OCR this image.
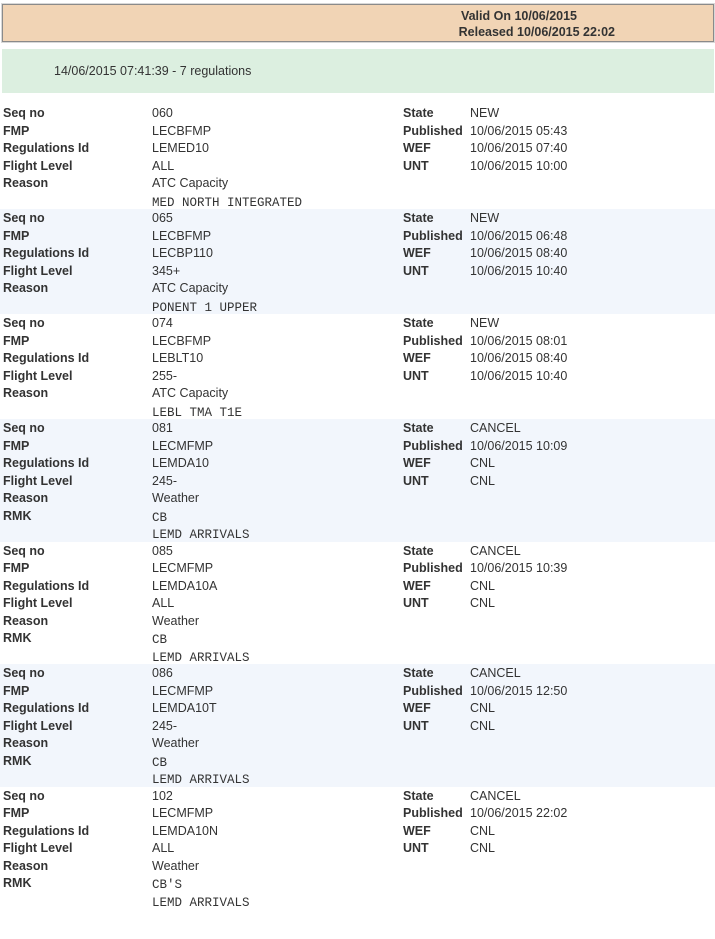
Valid On 10/06/2015
Released 10/06/2015 22:02
14/06/2015 07:41:39 - 7 regulations
Seq no	060	State	NEW
FMP	LECBFMP	Published 10/06/2015 05:43
Regulations Id	LEMED10	WEF	10/06/2015 07:40
Flight Level	ALL	UNT	10/06/2015 10:00
Reason	ATC Capacity
MED NORTH INTEGRATED
Seq no	065	State	NEW
FMP	LECBFMP	Published 10/06/2015 06:48
Regulations Id	LECBP110	WEF	10/06/2015 08:40
Flight Level	345+	UNT	10/06/2015 10:40
Reason	ATC Capacity
PONENT 1 UPPER
Seq no	074	State	NEW
FMP	LECBFMP	Published 10/06/2015 08:01
Regulations Id	LEBLT10	WEF	10/06/2015 08:40
Flight Level	255-	UNT	10/06/2015 10:40
Reason	ATC Capacity
LEBL TMA T1E
Seq no	081	State	CANCEL
FMP	LECMFMP	Published 10/06/2015 10:09
Regulations Id	LEMDA10	WEF	CNL
Flight Level	245-	UNT	CNL
Reason	Weather
RMK	CB
LEMD ARRIVALS
Seq no	085	State	CANCEL
FMP	LECMFMP	Published 10/06/2015 10:39
Regulations Id	LEMDA10A	WEF	CNL
Flight Level	ALL	UNT	CNL
Reason	Weather
RMK	CB
LEMD ARRIVALS
Seq no	086	State	CANCEL
FMP	LECMFMP	Published 10/06/2015 12:50
Regulations Id	LEMDA10T	WEF	CNL
Flight Level	245-	UNT	CNL
Reason	Weather
RMK	CB
LEMD ARRIVALS
Seq no	102	State	CANCEL
FMP	LECMFMP	Published 10/06/2015 22:02
Regulations Id	LEMDA10N	WEF	CNL
Flight Level	ALL	UNT	CNL
Reason	Weather
RMK	CB'S
LEMD ARRIVALS
